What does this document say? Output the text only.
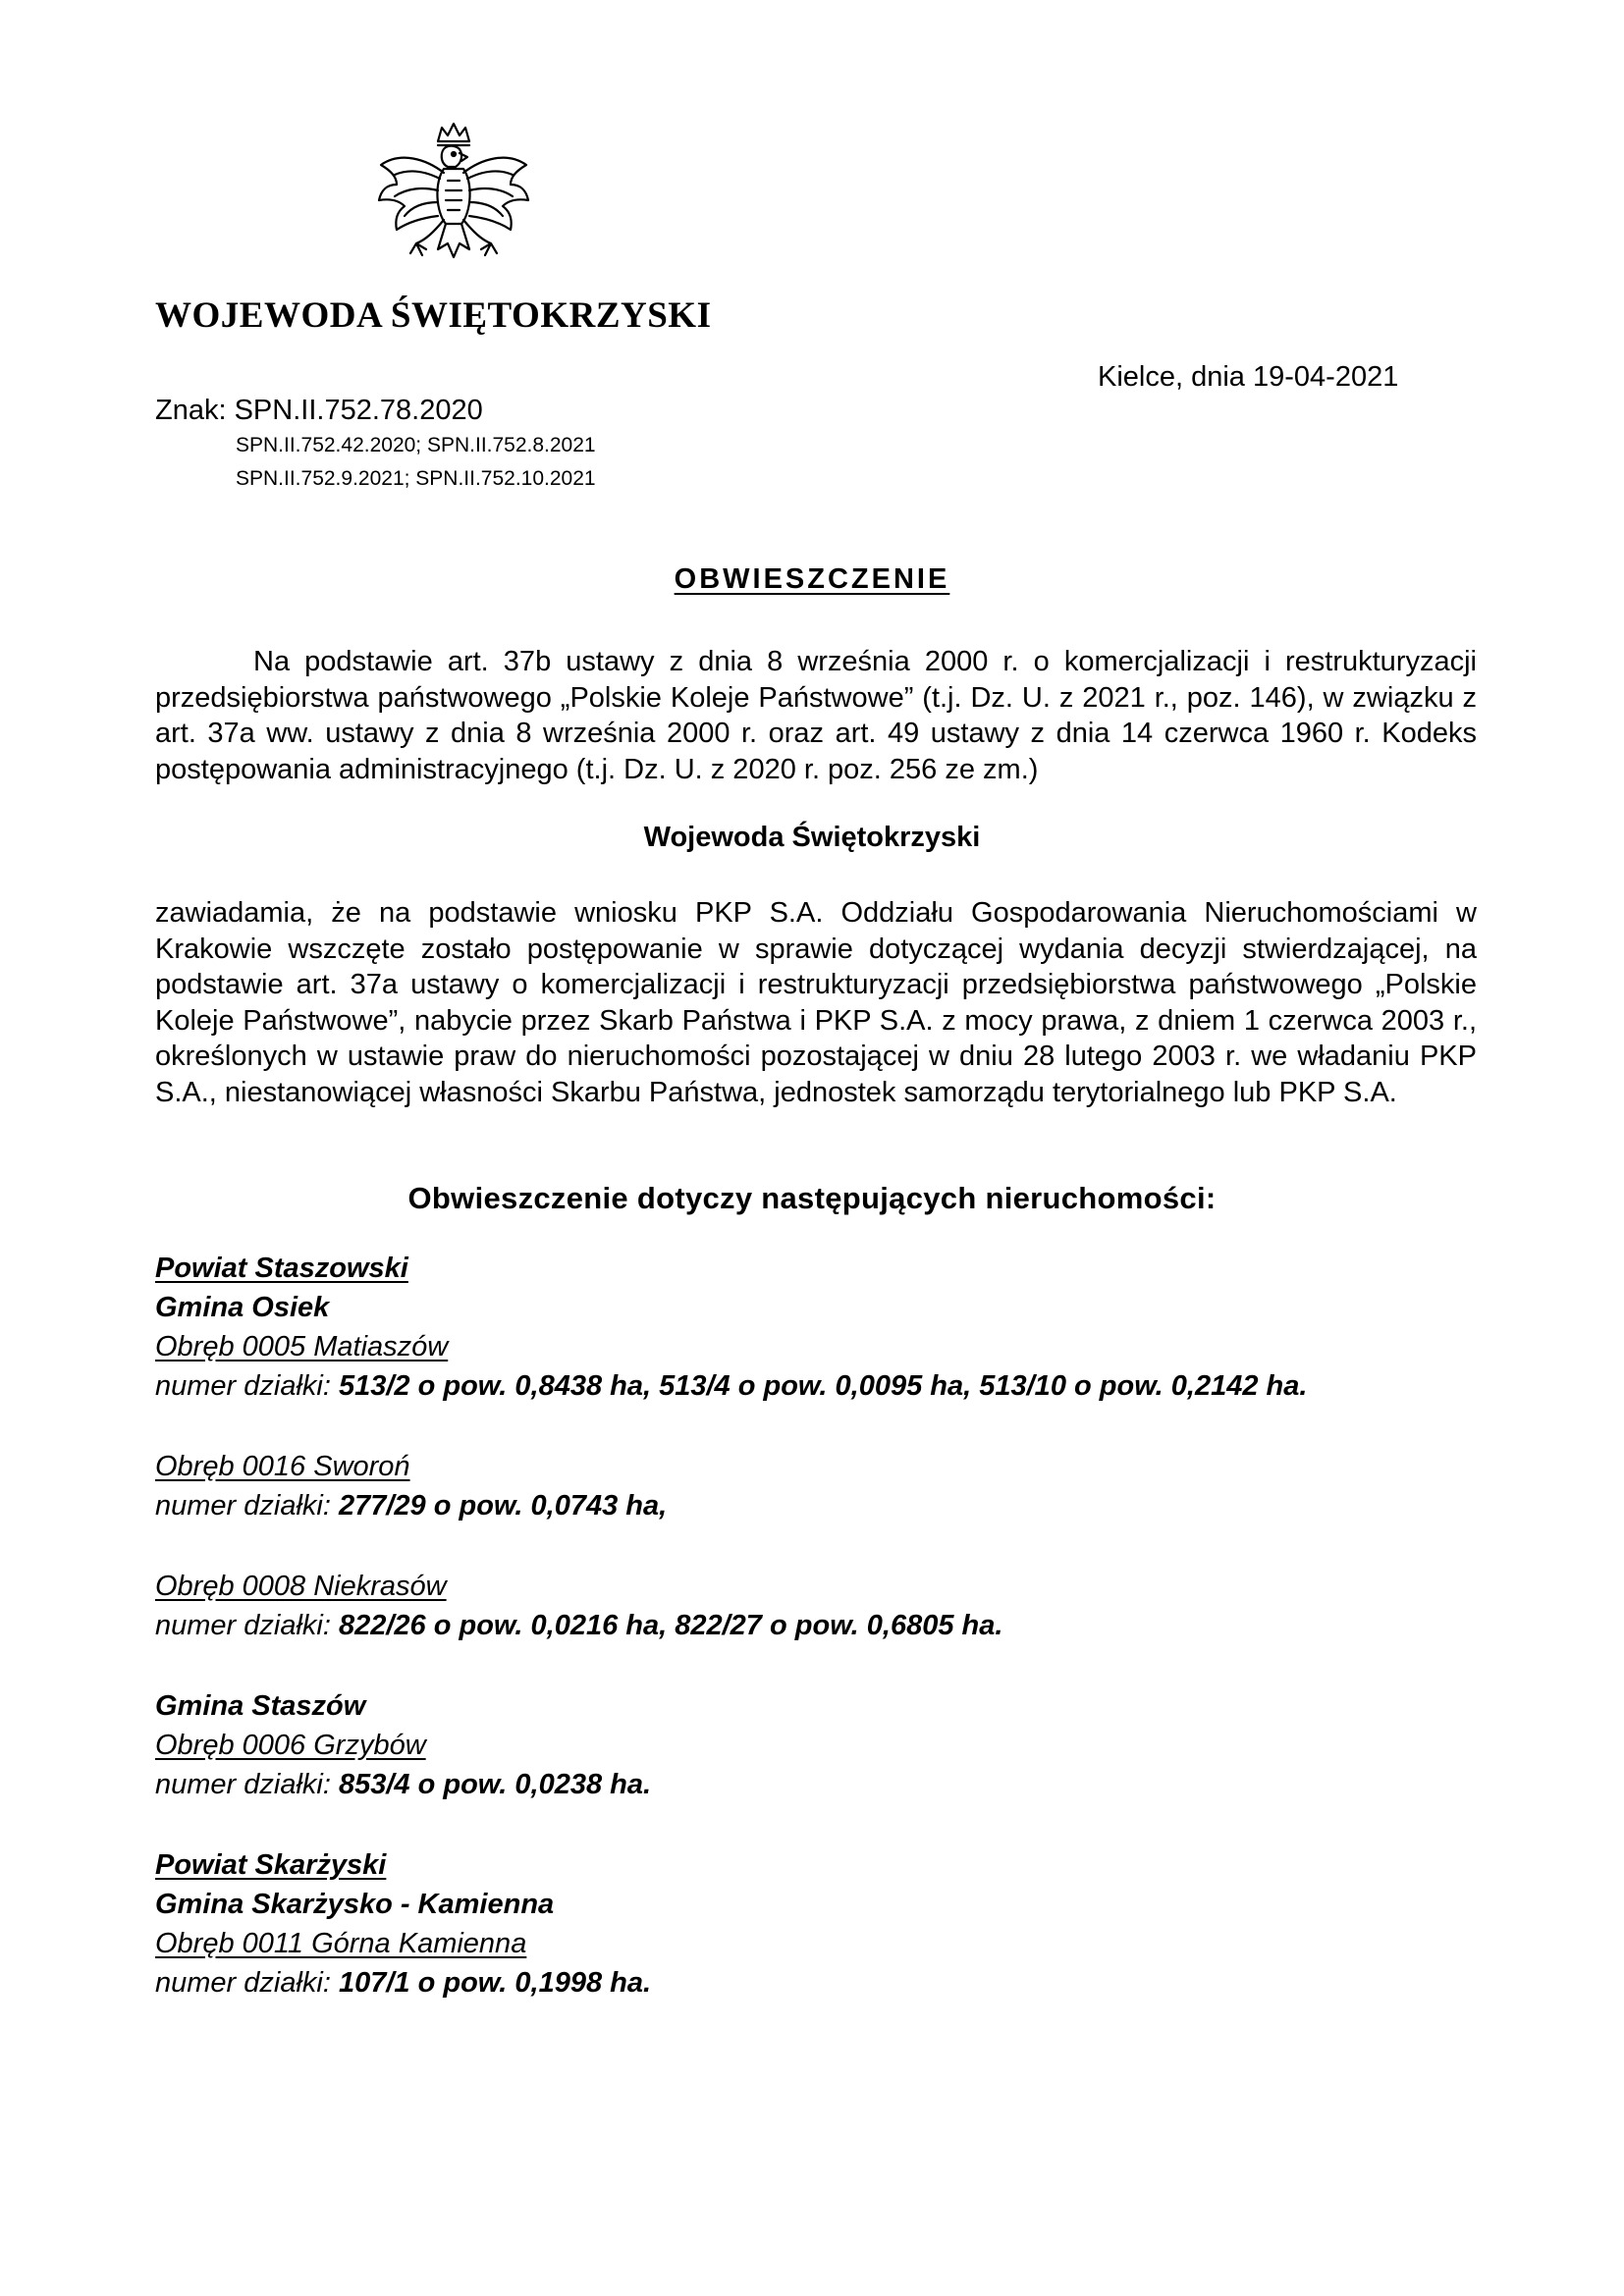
WOJEWODA ŚWIĘTOKRZYSKI
Kielce, dnia 19-04-2021
Znak: SPN.II.752.78.2020
SPN.II.752.42.2020; SPN.II.752.8.2021
SPN.II.752.9.2021; SPN.II.752.10.2021
OBWIESZCZENIE
Na podstawie art. 37b ustawy z dnia 8 września 2000 r. o komercjalizacji i restrukturyzacji przedsiębiorstwa państwowego „Polskie Koleje Państwowe” (t.j. Dz. U. z 2021 r., poz. 146), w związku z art. 37a ww. ustawy z dnia 8 września 2000 r. oraz art. 49 ustawy z dnia 14 czerwca 1960 r. Kodeks postępowania administracyjnego (t.j. Dz. U. z 2020 r. poz. 256 ze zm.)
Wojewoda Świętokrzyski
zawiadamia, że na podstawie wniosku PKP S.A. Oddziału Gospodarowania Nieruchomościami w Krakowie wszczęte zostało postępowanie w sprawie dotyczącej wydania decyzji stwierdzającej, na podstawie art. 37a ustawy o komercjalizacji i restrukturyzacji przedsiębiorstwa państwowego „Polskie Koleje Państwowe”, nabycie przez Skarb Państwa i PKP S.A. z mocy prawa, z dniem 1 czerwca 2003 r., określonych w ustawie praw do nieruchomości pozostającej w dniu 28 lutego 2003 r. we władaniu PKP S.A., niestanowiącej własności Skarbu Państwa, jednostek samorządu terytorialnego lub PKP S.A.
Obwieszczenie dotyczy następujących nieruchomości:
Powiat Staszowski
Gmina Osiek
Obręb 0005 Matiaszów
numer działki: 513/2 o pow. 0,8438 ha, 513/4 o pow. 0,0095 ha, 513/10 o pow. 0,2142 ha.
Obręb 0016 Sworoń
numer działki: 277/29 o pow. 0,0743 ha,
Obręb 0008 Niekrasów
numer działki: 822/26 o pow. 0,0216 ha, 822/27 o pow. 0,6805 ha.
Gmina Staszów
Obręb 0006 Grzybów
numer działki: 853/4 o pow. 0,0238 ha.
Powiat Skarżyski
Gmina Skarżysko - Kamienna
Obręb 0011 Górna Kamienna
numer działki: 107/1 o pow. 0,1998 ha.
